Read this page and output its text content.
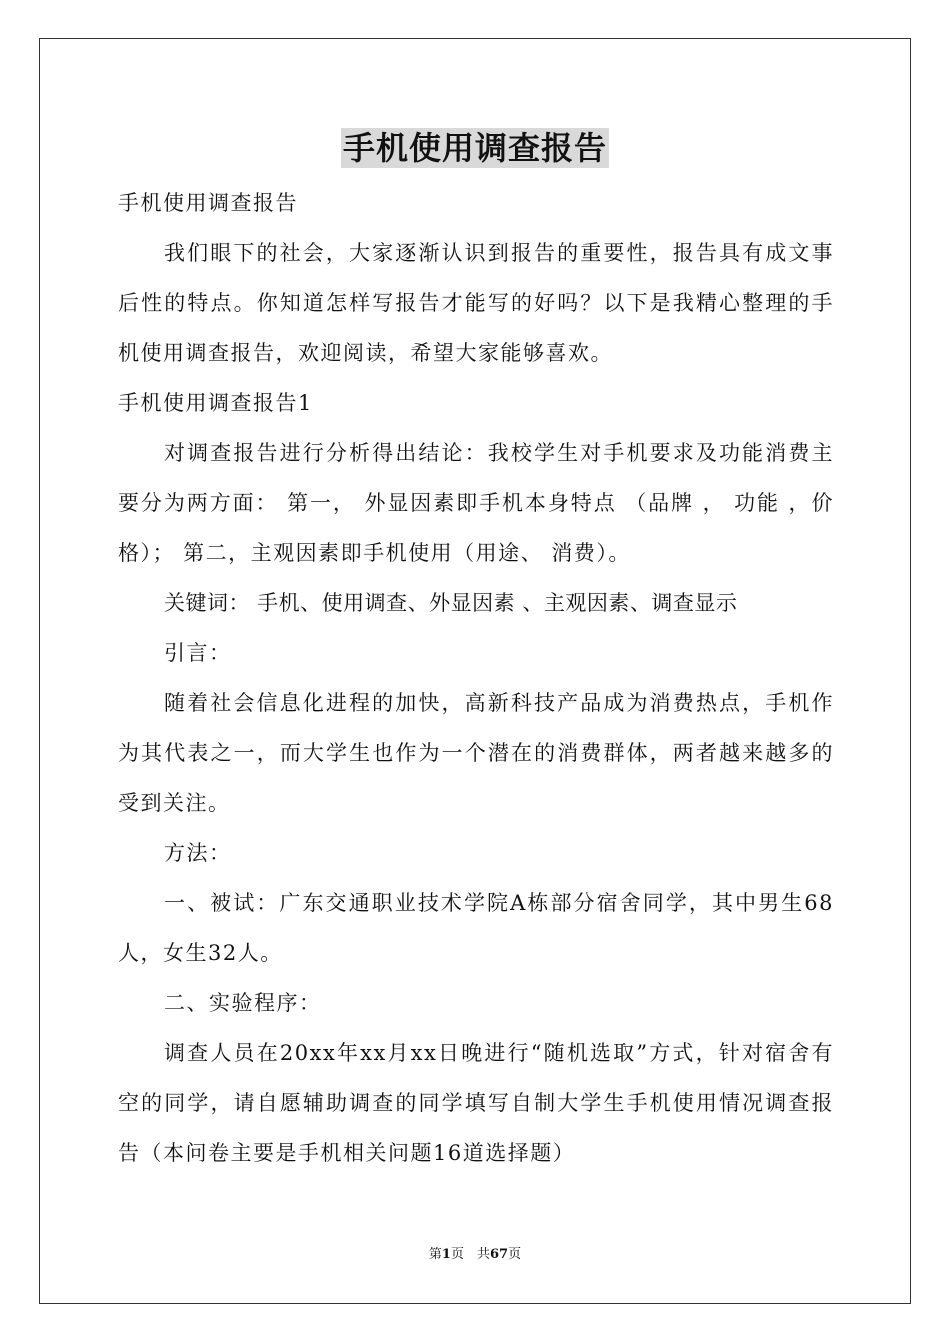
手机使用调查报告

手机使用调查报告

我们眼下的社会，大家逐渐认识到报告的重要性，报告具有成文事后性的特点。你知道怎样写报告才能写的好吗？以下是我精心整理的手机使用调查报告，欢迎阅读，希望大家能够喜欢。

手机使用调查报告1

对调查报告进行分析得出结论：我校学生对手机要求及功能消费主要分为两方面： 第一， 外显因素即手机本身特点 （品牌 ， 功能 ，价格）； 第二，主观因素即手机使用（用途、 消费）。

关键词： 手机、使用调查、外显因素 、主观因素、调查显示

引言：

随着社会信息化进程的加快，高新科技产品成为消费热点，手机作为其代表之一，而大学生也作为一个潜在的消费群体，两者越来越多的受到关注。

方法：

一、被试：广东交通职业技术学院A栋部分宿舍同学，其中男生68人，女生32人。

二、实验程序：

调查人员在20xx年xx月xx日晚进行“随机选取”方式，针对宿舍有空的同学，请自愿辅助调查的同学填写自制大学生手机使用情况调查报告（本问卷主要是手机相关问题16道选择题）

第1页　共67页
